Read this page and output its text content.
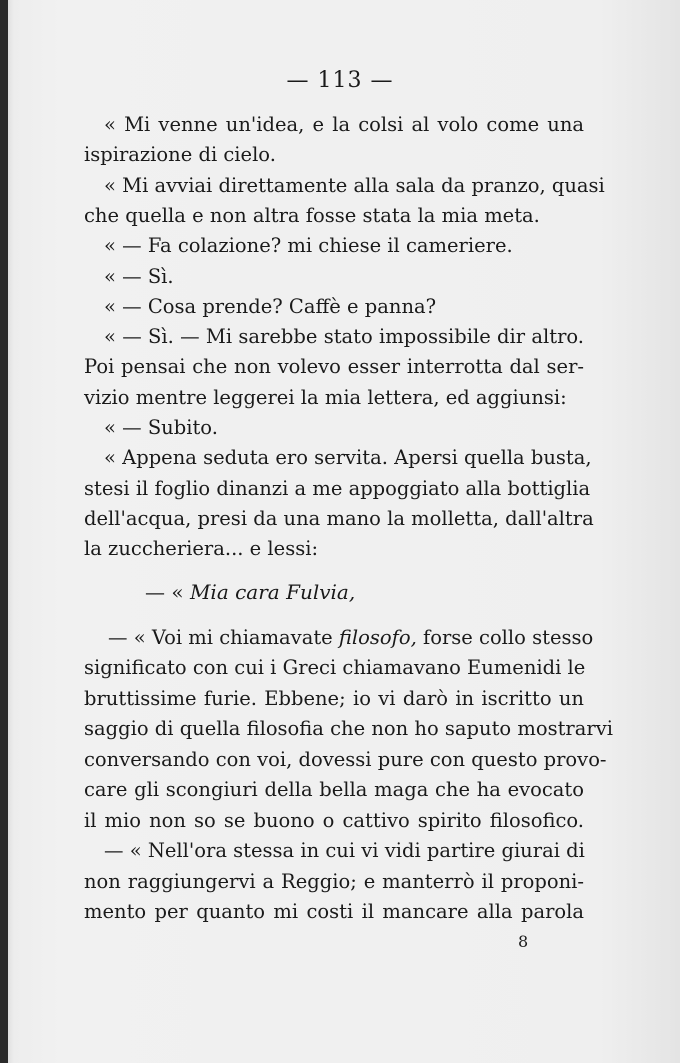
— 113 —
« Mi venne un'idea, e la colsi al volo come una
ispirazione di cielo.
« Mi avviai direttamente alla sala da pranzo, quasi
che quella e non altra fosse stata la mia meta.
« — Fa colazione? mi chiese il cameriere.
« — Sì.
« — Cosa prende? Caffè e panna?
« — Sì. — Mi sarebbe stato impossibile dir altro.
Poi pensai che non volevo esser interrotta dal ser-
vizio mentre leggerei la mia lettera, ed aggiunsi:
« — Subito.
« Appena seduta ero servita. Apersi quella busta,
stesi il foglio dinanzi a me appoggiato alla bottiglia
dell'acqua, presi da una mano la molletta, dall'altra
la zuccheriera... e lessi:
— « Mia cara Fulvia,
— « Voi mi chiamavate filosofo, forse collo stesso
significato con cui i Greci chiamavano Eumenidi le
bruttissime furie. Ebbene; io vi darò in iscritto un
saggio di quella filosofia che non ho saputo mostrarvi
conversando con voi, dovessi pure con questo provo-
care gli scongiuri della bella maga che ha evocato
il mio non so se buono o cattivo spirito filosofico.
— « Nell'ora stessa in cui vi vidi partire giurai di
non raggiungervi a Reggio; e manterrò il proponi-
mento per quanto mi costi il mancare alla parola
8
